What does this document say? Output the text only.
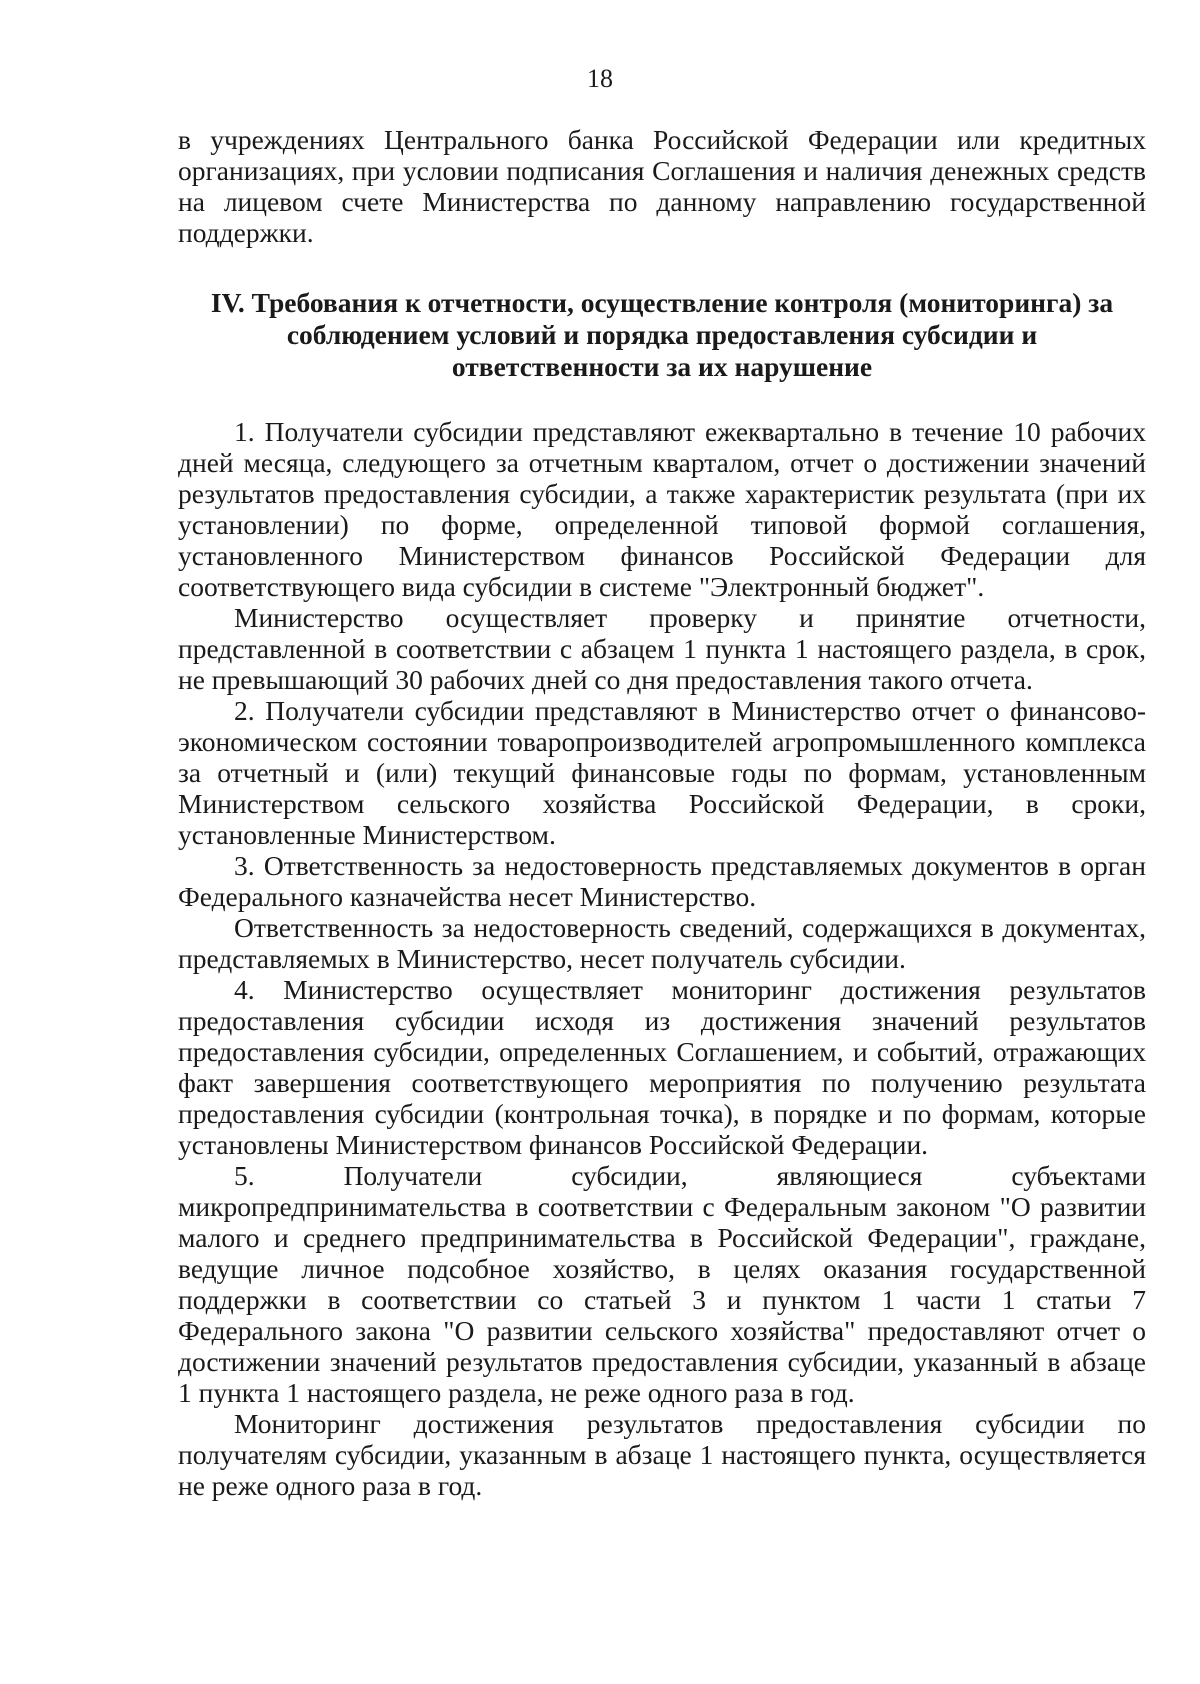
18

в учреждениях Центрального банка Российской Федерации или кредитных организациях, при условии подписания Соглашения и наличия денежных средств на лицевом счете Министерства по данному направлению государственной поддержки.

IV. Требования к отчетности, осуществление контроля (мониторинга) за соблюдением условий и порядка предоставления субсидии и ответственности за их нарушение

1. Получатели субсидии представляют ежеквартально в течение 10 рабочих дней месяца, следующего за отчетным кварталом, отчет о достижении значений результатов предоставления субсидии, а также характеристик результата (при их установлении) по форме, определенной типовой формой соглашения, установленного Министерством финансов Российской Федерации для соответствующего вида субсидии в системе "Электронный бюджет".

Министерство осуществляет проверку и принятие отчетности, представленной в соответствии с абзацем 1 пункта 1 настоящего раздела, в срок, не превышающий 30 рабочих дней со дня предоставления такого отчета.

2. Получатели субсидии представляют в Министерство отчет о финансово-экономическом состоянии товаропроизводителей агропромышленного комплекса за отчетный и (или) текущий финансовые годы по формам, установленным Министерством сельского хозяйства Российской Федерации, в сроки, установленные Министерством.

3. Ответственность за недостоверность представляемых документов в орган Федерального казначейства несет Министерство.

Ответственность за недостоверность сведений, содержащихся в документах, представляемых в Министерство, несет получатель субсидии.

4. Министерство осуществляет мониторинг достижения результатов предоставления субсидии исходя из достижения значений результатов предоставления субсидии, определенных Соглашением, и событий, отражающих факт завершения соответствующего мероприятия по получению результата предоставления субсидии (контрольная точка), в порядке и по формам, которые установлены Министерством финансов Российской Федерации.

5. Получатели субсидии, являющиеся субъектами микропредпринимательства в соответствии с Федеральным законом "О развитии малого и среднего предпринимательства в Российской Федерации", граждане, ведущие личное подсобное хозяйство, в целях оказания государственной поддержки в соответствии со статьей 3 и пунктом 1 части 1 статьи 7 Федерального закона "О развитии сельского хозяйства" предоставляют отчет о достижении значений результатов предоставления субсидии, указанный в абзаце 1 пункта 1 настоящего раздела, не реже одного раза в год.

Мониторинг достижения результатов предоставления субсидии по получателям субсидии, указанным в абзаце 1 настоящего пункта, осуществляется не реже одного раза в год.
